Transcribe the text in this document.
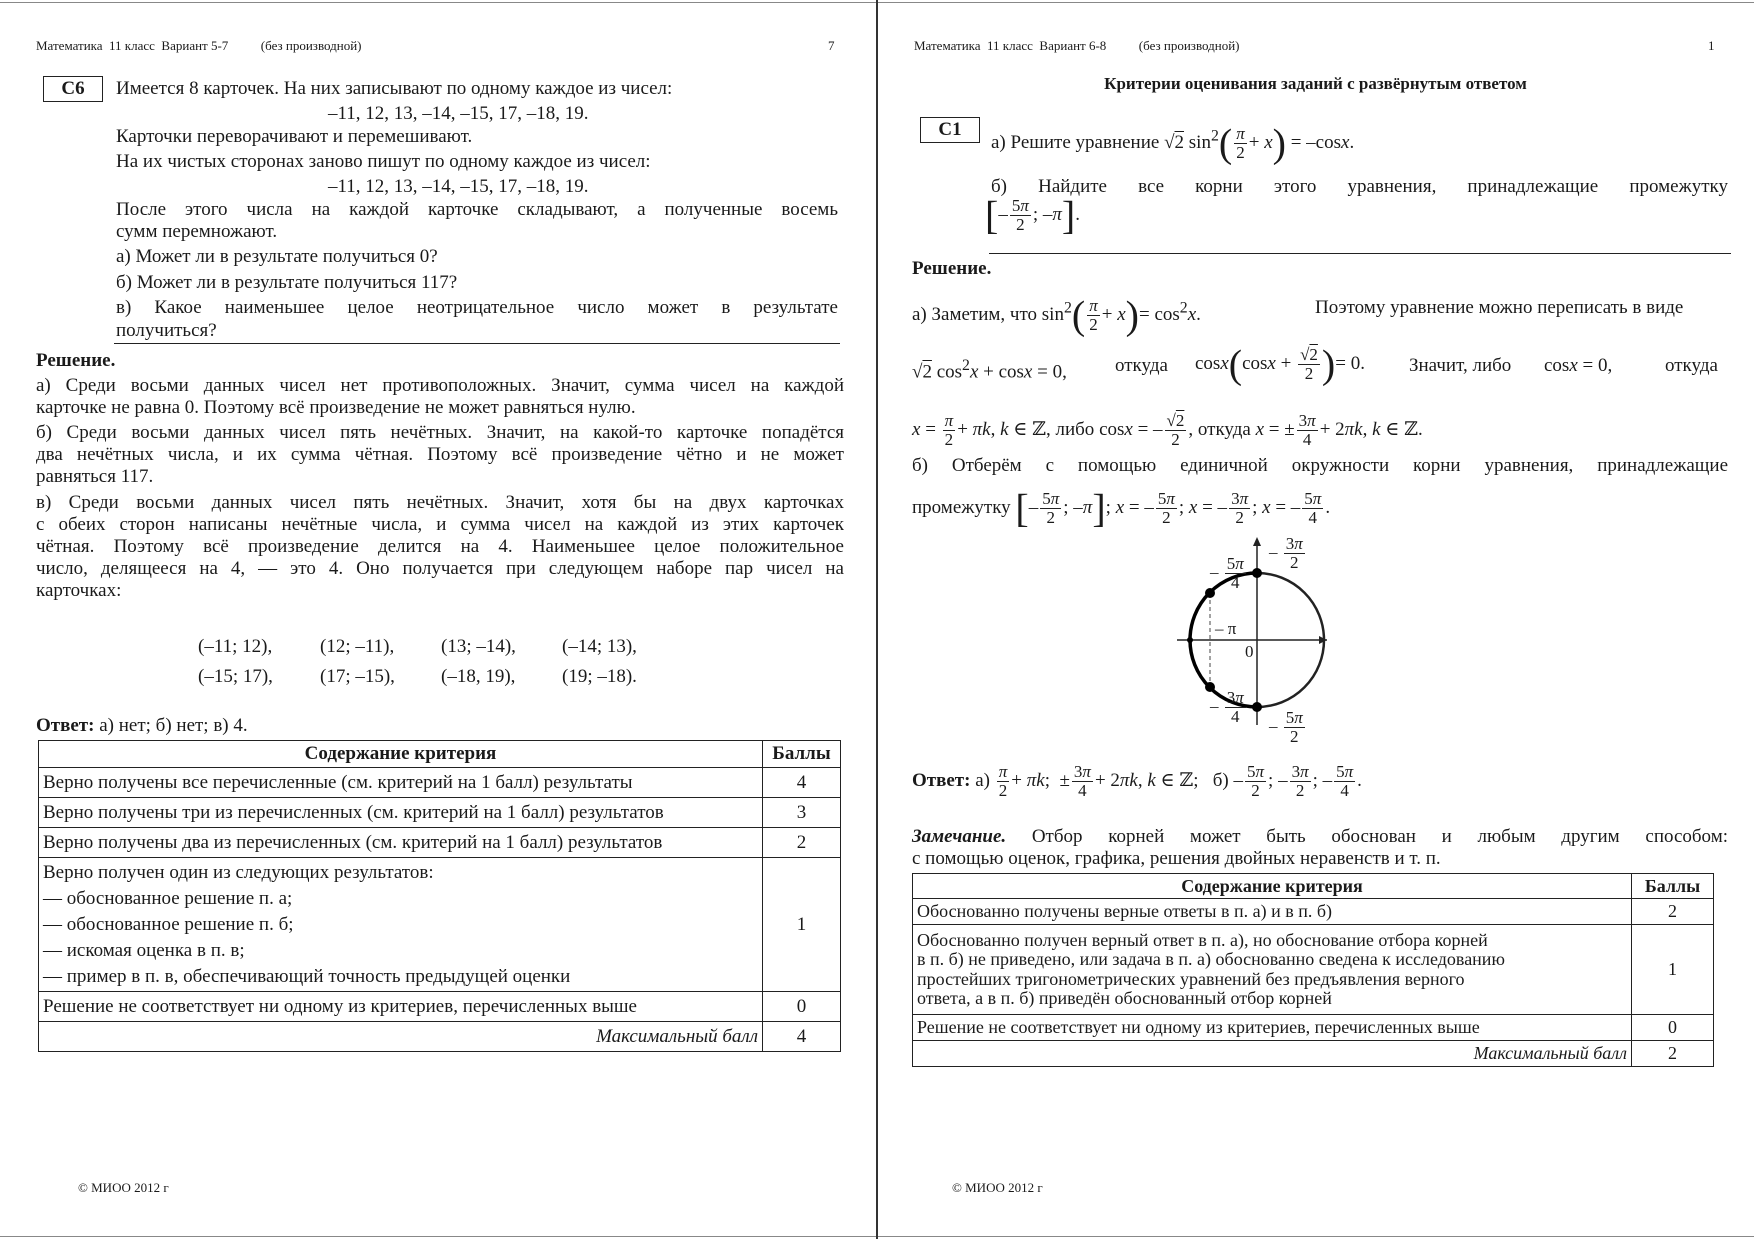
Математика  11 класс  Вариант 5-7          (без производной)	7
С6	Имеется 8 карточек. На них записывают по одному каждое из чисел:
–11, 12, 13, –14, –15, 17, –18, 19.
Карточки переворачивают и перемешивают.
На их чистых сторонах заново пишут по одному каждое из чисел:
–11, 12, 13, –14, –15, 17, –18, 19.
После этого числа на каждой карточке складывают, а полученные восемь
сумм перемножают.
а) Может ли в результате получиться 0?
б) Может ли в результате получиться 117?
в) Какое наименьшее целое неотрицательное число может в результате
получиться?
Решение.
а) Среди восьми данных чисел нет противоположных. Значит, сумма чисел на каждой
карточке не равна 0. Поэтому всё произведение не может равняться нулю.
б) Среди восьми данных чисел пять нечётных. Значит, на какой-то карточке попадётся
два нечётных числа, и их сумма чётная. Поэтому всё произведение чётно и не может
равняться 117.
в) Среди восьми данных чисел пять нечётных. Значит, хотя бы на двух карточках
с обеих сторон написаны нечётные числа, и сумма чисел на каждой из этих карточек
чётная. Поэтому всё произведение делится на 4. Наименьшее целое положительное
число, делящееся на 4, — это 4. Оно получается при следующем наборе пар чисел на
карточках:
(–11; 12),	(12; –11), (13; –14), (–14; 13),
(–15; 17), (17; –15), (–18, 19), (19; –18).
Ответ: а) нет; б) нет; в) 4.
Содержание критерия	Баллы
Верно получены все перечисленные (см. критерий на 1 балл) результаты	4
Верно получены три из перечисленных (см. критерий на 1 балл) результатов	3
Верно получены два из перечисленных (см. критерий на 1 балл) результатов	2

Верно получен один из следующих результатов:
— обоснованное решение п. а;
— обоснованное решение п. б;
— искомая оценка в п. в;
— пример в п. в, обеспечивающий точность предыдущей оценки	1
Решение не соответствует ни одному из критериев, перечисленных выше	0
Максимальный балл	4
© МИОО 2012 г
Математика  11 класс  Вариант 6-8          (без производной)	1
Критерии оценивания заданий с развёрнутым ответом
С1
а) Решите уравнение √2 $\sin^2( \frac{\pi}{2} + x) = -\cos x$.
б) Найдите все корни этого уравнения, принадлежащие промежутку
[– $\frac{5\pi}{2}$ ; –π].
Решение.
а) Заметим, что $\sin^2( \frac{\pi}{2} + x)= \cos^2x$.	Поэтому уравнение можно переписать в виде
√2 $\cos^2x + \cos x = 0$,	откуда $\cos x(\cos x + \frac{√2}{2}$ )= 0. Значит, либо cosx = 0,	откуда
$x = \frac{\pi}{2} + \pi k$, k ∈ ℤ, либо cosx = – $\frac{√2}{2}$ , откуда x = ± $\frac{3\pi}{4} + 2\pi k$, k ∈ ℤ.
б) Отберём с помощью единичной окружности корни уравнения, принадлежащие
промежутку [– $\frac{5\pi}{2}$ ; –π]; x = – $\frac{5\pi}{2}$ ; x = – $\frac{3\pi}{2}$ ; x = – $\frac{5\pi}{4}$ .
0
– π
– $\frac{3\pi}{2}$
– $\frac{5\pi}{4}$
– $\frac{3\pi}{4} - \frac{5\pi}{2}$
Ответ: $а) \frac{\pi}{2} + \pi k$;  ± $\frac{3\pi}{4} + 2\pi k$, k ∈ ℤ;   $б) - \frac{5\pi}{2}$ ; – $\frac{3\pi}{2}$ ; – $\frac{5\pi}{4}$ .
Замечание. Отбор корней может быть обоснован и любым другим способом:
с помощью оценок, графика, решения двойных неравенств и т. п.
Содержание критерия	Баллы
Обоснованно получены верные ответы в п. а) и в п. б)	2

Обоснованно получен верный ответ в п. а), но обоснование отбора корней
в п. б) не приведено, или задача в п. а) обоснованно сведена к исследованию
простейших тригонометрических уравнений без предъявления верного
ответа, а в п. б) приведён обоснованный отбор корней	1
Решение не соответствует ни одному из критериев, перечисленных выше	0
Максимальный балл	2
© МИОО 2012 г
